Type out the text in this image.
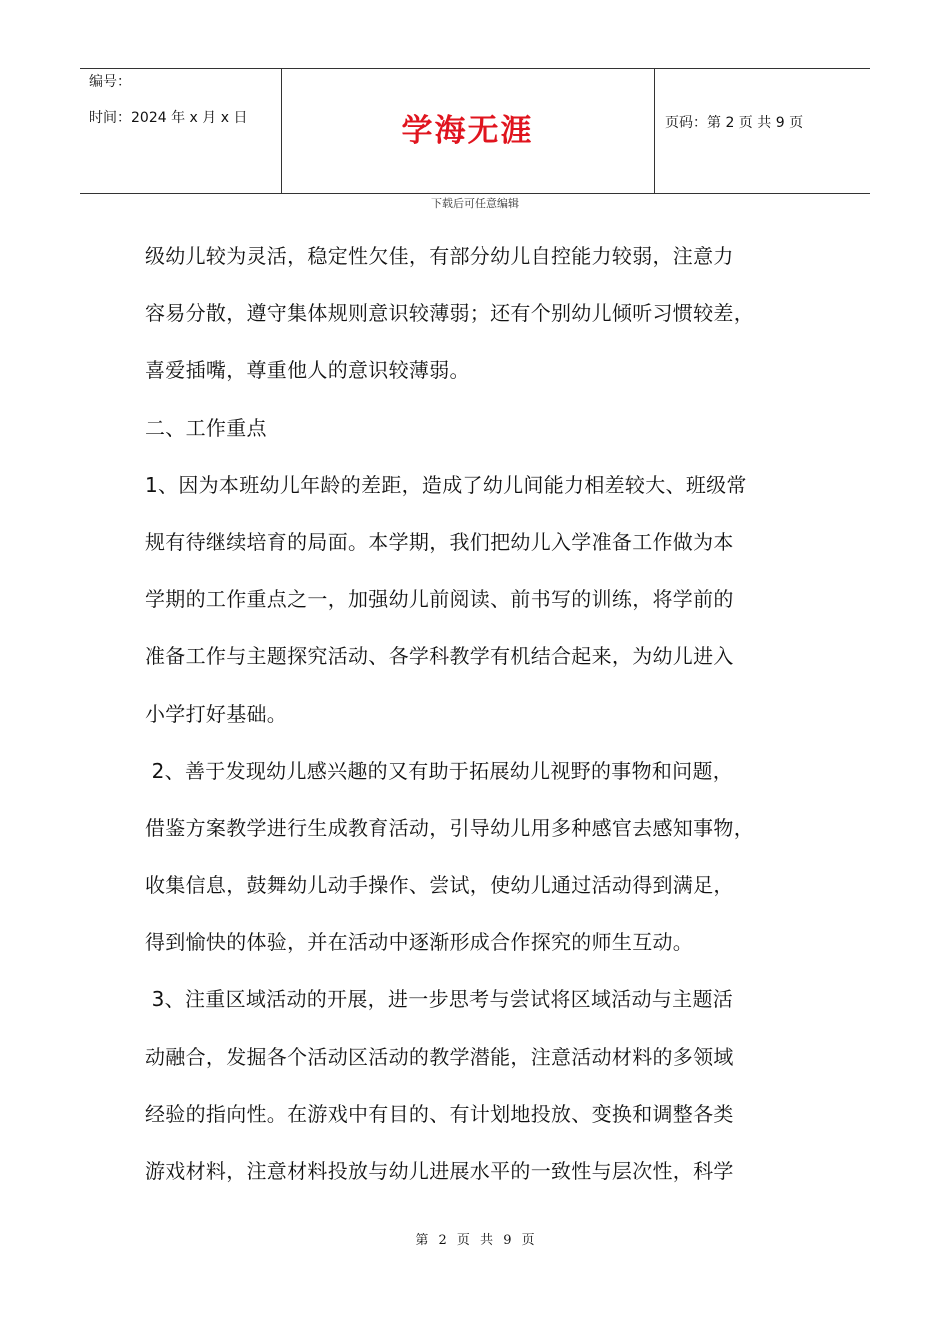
编号：
时间：2024 年 x 月 x 日	学海无涯	页码：第 2 页 共 9 页
下载后可任意编辑
级幼儿较为灵活，稳定性欠佳，有部分幼儿自控能力较弱，注意力
容易分散，遵守集体规则意识较薄弱；还有个别幼儿倾听习惯较差，
喜爱插嘴，尊重他人的意识较薄弱。
二、工作重点
1、因为本班幼儿年龄的差距，造成了幼儿间能力相差较大、班级常
规有待继续培育的局面。本学期，我们把幼儿入学准备工作做为本
学期的工作重点之一，加强幼儿前阅读、前书写的训练，将学前的
准备工作与主题探究活动、各学科教学有机结合起来，为幼儿进入
小学打好基础。
2、善于发现幼儿感兴趣的又有助于拓展幼儿视野的事物和问题，
借鉴方案教学进行生成教育活动，引导幼儿用多种感官去感知事物，
收集信息，鼓舞幼儿动手操作、尝试，使幼儿通过活动得到满足，
得到愉快的体验，并在活动中逐渐形成合作探究的师生互动。
3、注重区域活动的开展，进一步思考与尝试将区域活动与主题活
动融合，发掘各个活动区活动的教学潜能，注意活动材料的多领域
经验的指向性。在游戏中有目的、有计划地投放、变换和调整各类
游戏材料，注意材料投放与幼儿进展水平的一致性与层次性，科学
第 2 页 共 9 页
